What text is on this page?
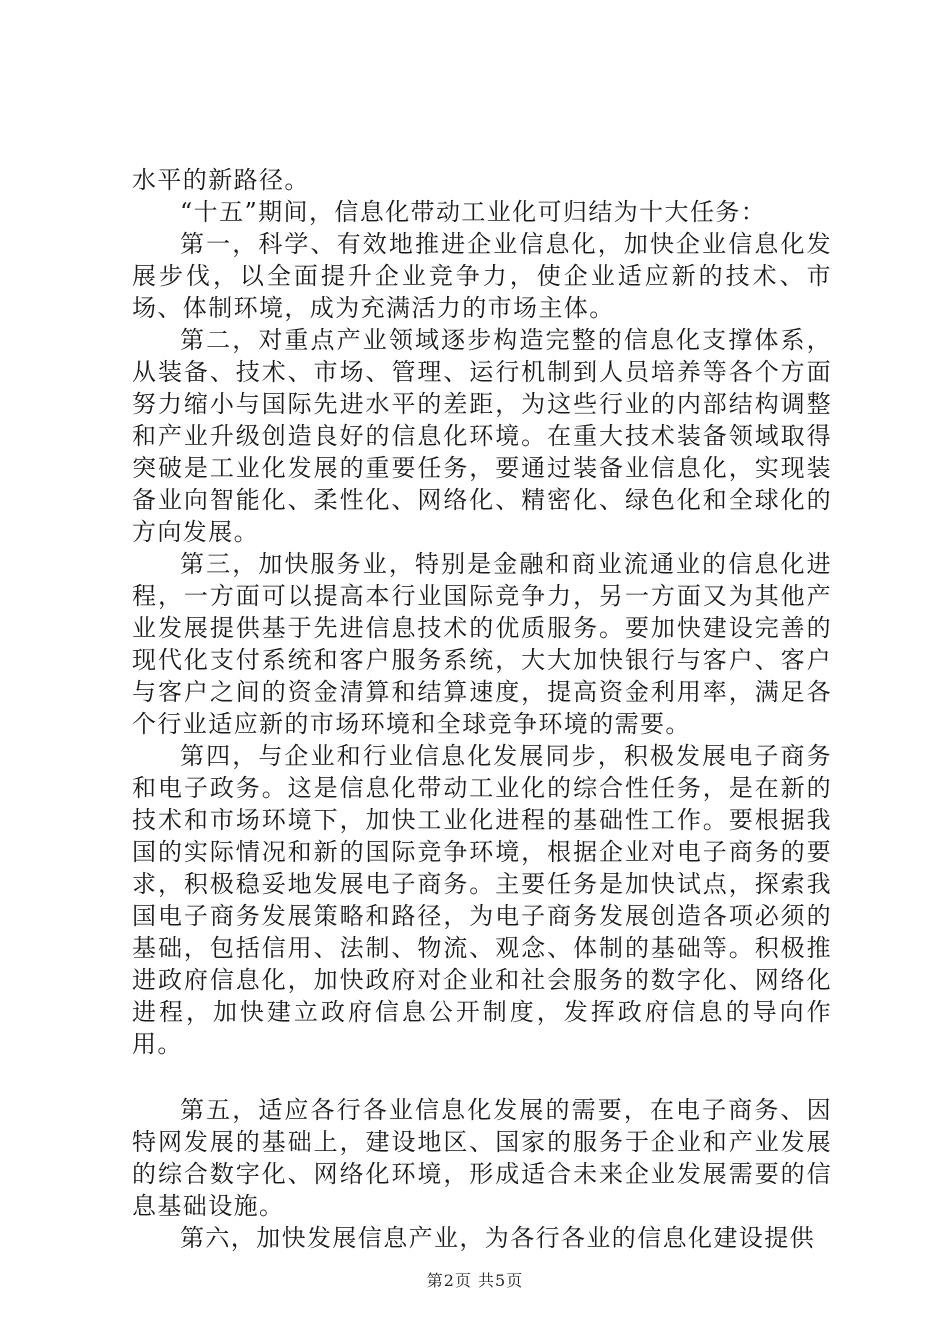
水平的新路径。

“十五”期间，信息化带动工业化可归结为十大任务：

第一，科学、有效地推进企业信息化，加快企业信息化发展步伐，以全面提升企业竞争力，使企业适应新的技术、市场、体制环境，成为充满活力的市场主体。

第二，对重点产业领域逐步构造完整的信息化支撑体系，从装备、技术、市场、管理、运行机制到人员培养等各个方面努力缩小与国际先进水平的差距，为这些行业的内部结构调整和产业升级创造良好的信息化环境。在重大技术装备领域取得突破是工业化发展的重要任务，要通过装备业信息化，实现装备业向智能化、柔性化、网络化、精密化、绿色化和全球化的方向发展。

第三，加快服务业，特别是金融和商业流通业的信息化进程，一方面可以提高本行业国际竞争力，另一方面又为其他产业发展提供基于先进信息技术的优质服务。要加快建设完善的现代化支付系统和客户服务系统，大大加快银行与客户、客户与客户之间的资金清算和结算速度，提高资金利用率，满足各个行业适应新的市场环境和全球竞争环境的需要。

第四，与企业和行业信息化发展同步，积极发展电子商务和电子政务。这是信息化带动工业化的综合性任务，是在新的技术和市场环境下，加快工业化进程的基础性工作。要根据我国的实际情况和新的国际竞争环境，根据企业对电子商务的要求，积极稳妥地发展电子商务。主要任务是加快试点，探索我国电子商务发展策略和路径，为电子商务发展创造各项必须的基础，包括信用、法制、物流、观念、体制的基础等。积极推进政府信息化，加快政府对企业和社会服务的数字化、网络化进程，加快建立政府信息公开制度，发挥政府信息的导向作用。

第五，适应各行各业信息化发展的需要，在电子商务、因特网发展的基础上，建设地区、国家的服务于企业和产业发展的综合数字化、网络化环境，形成适合未来企业发展需要的信息基础设施。

第六，加快发展信息产业，为各行各业的信息化建设提供

第2页 共5页
